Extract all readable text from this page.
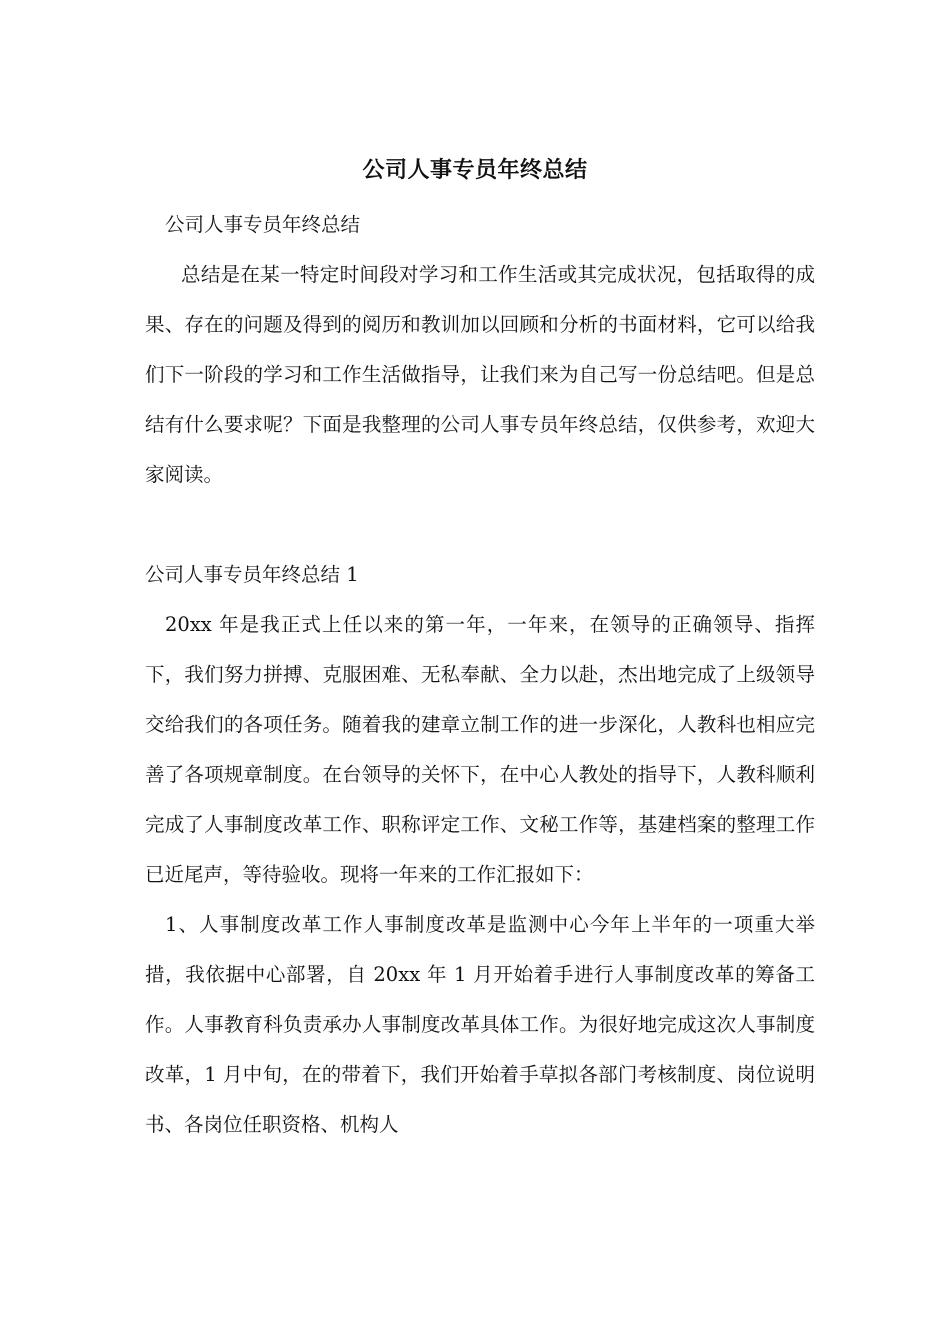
公司人事专员年终总结

公司人事专员年终总结

总结是在某一特定时间段对学习和工作生活或其完成状况，包括取得的成果、存在的问题及得到的阅历和教训加以回顾和分析的书面材料，它可以给我们下一阶段的学习和工作生活做指导，让我们来为自己写一份总结吧。但是总结有什么要求呢？下面是我整理的公司人事专员年终总结，仅供参考，欢迎大家阅读。

公司人事专员年终总结 1

20xx 年是我正式上任以来的第一年，一年来，在领导的正确领导、指挥下，我们努力拼搏、克服困难、无私奉献、全力以赴，杰出地完成了上级领导交给我们的各项任务。随着我的建章立制工作的进一步深化，人教科也相应完善了各项规章制度。在台领导的关怀下，在中心人教处的指导下，人教科顺利完成了人事制度改革工作、职称评定工作、文秘工作等，基建档案的整理工作已近尾声，等待验收。现将一年来的工作汇报如下：

1、人事制度改革工作人事制度改革是监测中心今年上半年的一项重大举措，我依据中心部署，自 20xx 年 1 月开始着手进行人事制度改革的筹备工作。人事教育科负责承办人事制度改革具体工作。为很好地完成这次人事制度改革，1 月中旬，在的带着下，我们开始着手草拟各部门考核制度、岗位说明书、各岗位任职资格、机构人
